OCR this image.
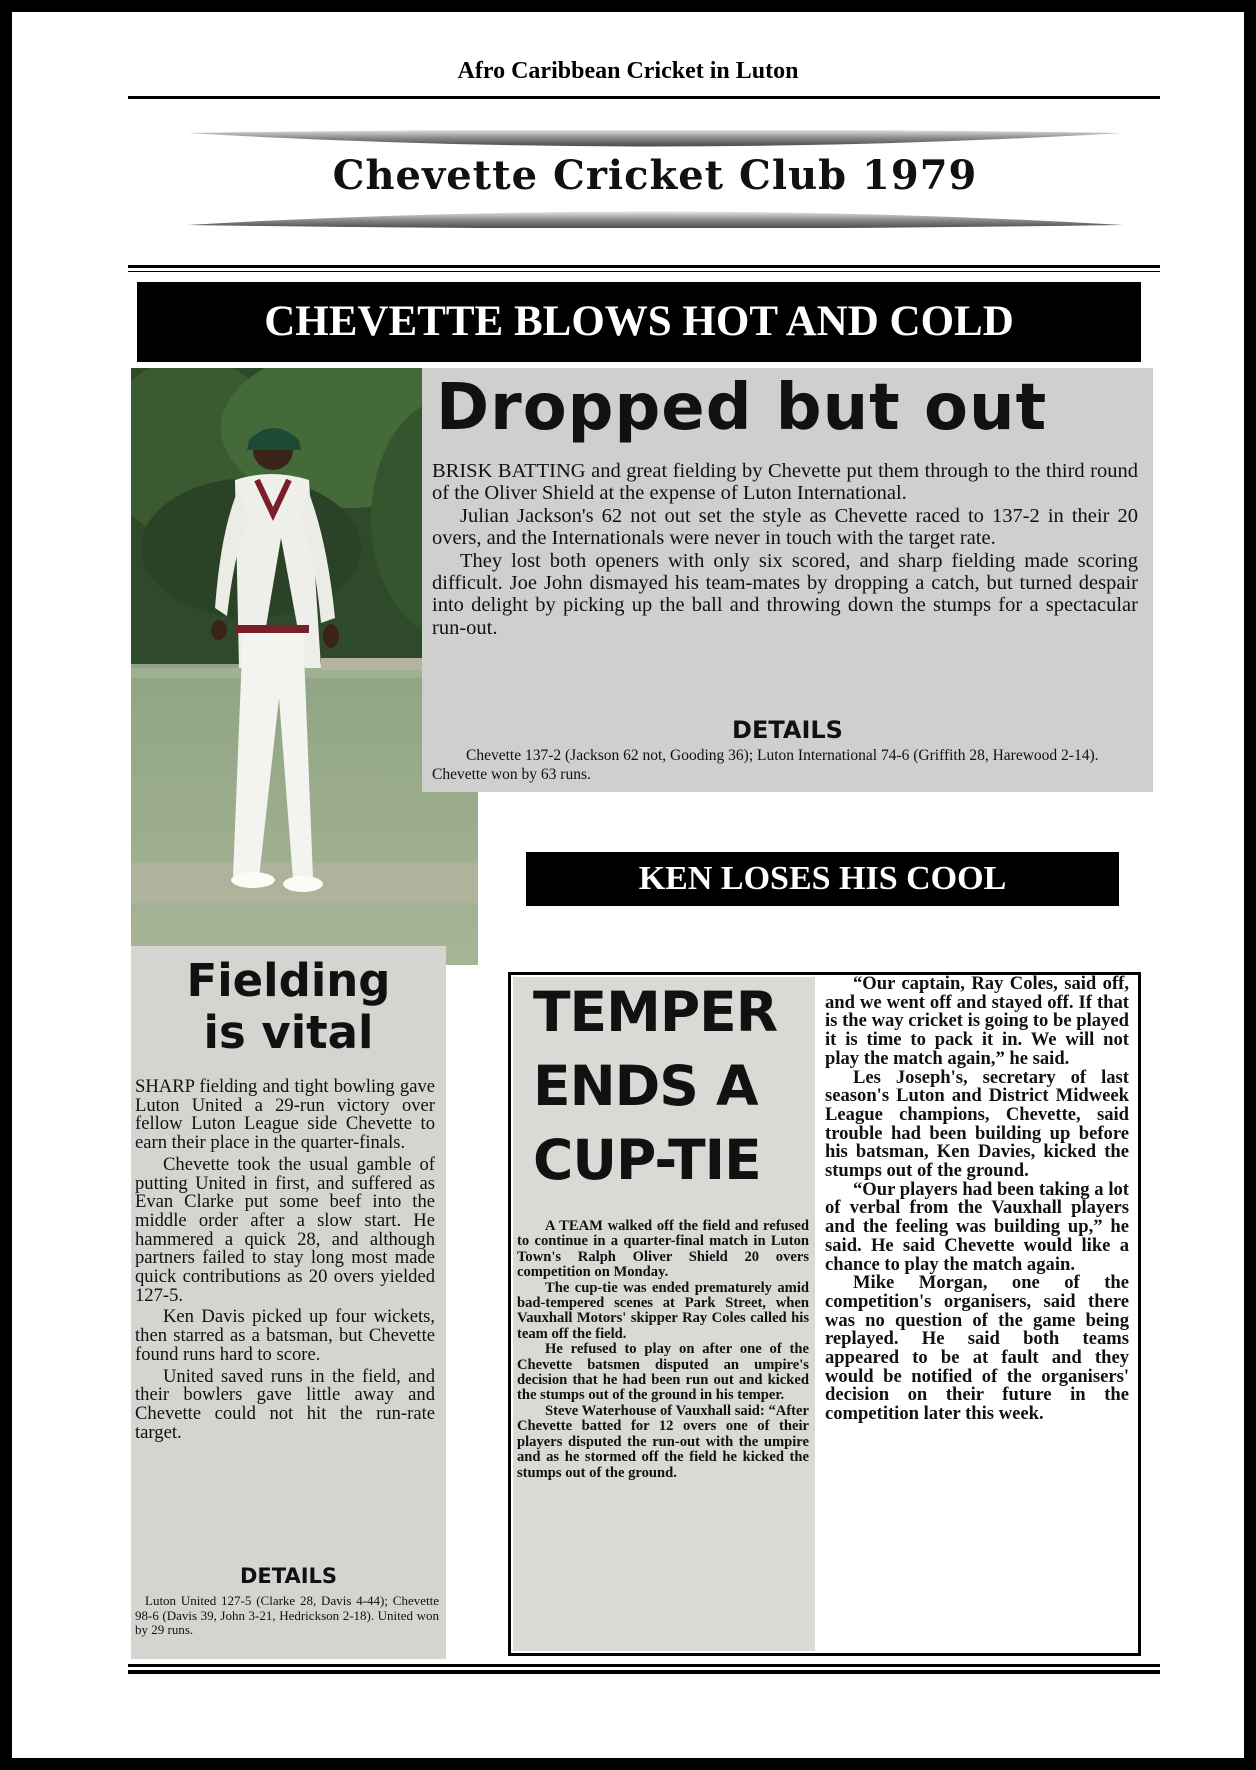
Afro Caribbean Cricket in Luton
Chevette Cricket Club 1979
CHEVETTE BLOWS HOT AND COLD
Dropped but out

BRISK BATTING and great fielding by Chevette put them through to the third round of the Oliver Shield at the expense of Luton International.

Julian Jackson's 62 not out set the style as Chevette raced to 137-2 in their 20 overs, and the Internationals were never in touch with the target rate.

They lost both openers with only six scored, and sharp fielding made scoring difficult. Joe John dismayed his team-mates by dropping a catch, but turned despair into delight by picking up the ball and throwing down the stumps for a spectacular run-out.

DETAILS
Chevette 137-2 (Jackson 62 not, Gooding 36); Luton International 74-6 (Griffith 28, Harewood 2-14). Chevette won by 63 runs.
KEN LOSES HIS COOL
Fielding
is vital

SHARP fielding and tight bowling gave Luton United a 29-run victory over fellow Luton League side Chevette to earn their place in the quarter-finals.

Chevette took the usual gamble of putting United in first, and suffered as Evan Clarke put some beef into the middle order after a slow start. He hammered a quick 28, and although partners failed to stay long most made quick contributions as 20 overs yielded 127-5.

Ken Davis picked up four wickets, then starred as a batsman, but Chevette found runs hard to score.

United saved runs in the field, and their bowlers gave little away and Chevette could not hit the run-rate target.

DETAILS
Luton United 127-5 (Clarke 28, Davis 4-44); Chevette 98-6 (Davis 39, John 3-21, Hedrickson 2-18). United won by 29 runs.
TEMPER
ENDS A
CUP-TIE

A TEAM walked off the field and refused to continue in a quarter-final match in Luton Town's Ralph Oliver Shield 20 overs competition on Monday.

The cup-tie was ended prematurely amid bad-tempered scenes at Park Street, when Vauxhall Motors' skipper Ray Coles called his team off the field.

He refused to play on after one of the Chevette batsmen disputed an umpire's decision that he had been run out and kicked the stumps out of the ground in his temper.

Steve Waterhouse of Vauxhall said: “After Chevette batted for 12 overs one of their players disputed the run-out with the umpire and as he stormed off the field he kicked the stumps out of the ground.

“Our captain, Ray Coles, said off, and we went off and stayed off. If that is the way cricket is going to be played it is time to pack it in. We will not play the match again,” he said.

Les Joseph's, secretary of last season's Luton and District Midweek League champions, Chevette, said trouble had been building up before his batsman, Ken Davies, kicked the stumps out of the ground.

“Our players had been taking a lot of verbal from the Vauxhall players and the feeling was building up,” he said. He said Chevette would like a chance to play the match again.

Mike Morgan, one of the competition's organisers, said there was no question of the game being replayed. He said both teams appeared to be at fault and they would be notified of the organisers' decision on their future in the competition later this week.
